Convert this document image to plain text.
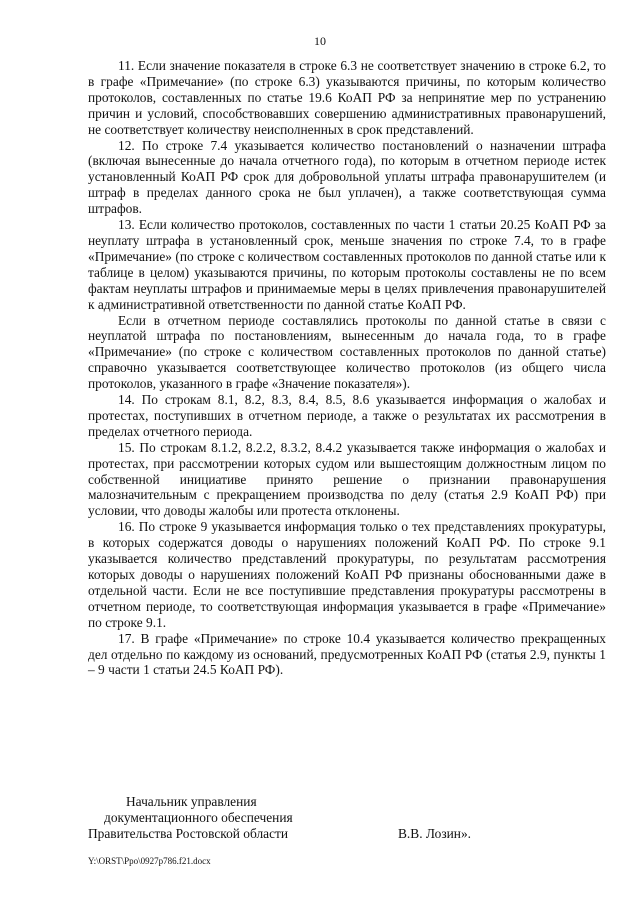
10

11. Если значение показателя в строке 6.3 не соответствует значению в строке 6.2, то в графе «Примечание» (по строке 6.3) указываются причины, по которым количество протоколов, составленных по статье 19.6 КоАП РФ за непринятие мер по устранению причин и условий, способствовавших совершению административных правонарушений, не соответствует количеству неисполненных в срок представлений.

12. По строке 7.4 указывается количество постановлений о назначении штрафа (включая вынесенные до начала отчетного года), по которым в отчетном периоде истек установленный КоАП РФ срок для добровольной уплаты штрафа правонарушителем (и штраф в пределах данного срока не был уплачен), а также соответствующая сумма штрафов.

13. Если количество протоколов, составленных по части 1 статьи 20.25 КоАП РФ за неуплату штрафа в установленный срок, меньше значения по строке 7.4, то в графе «Примечание» (по строке с количеством составленных протоколов по данной статье или к таблице в целом) указываются причины, по которым протоколы составлены не по всем фактам неуплаты штрафов и принимаемые меры в целях привлечения правонарушителей к административной ответственности по данной статье КоАП РФ.

Если в отчетном периоде составлялись протоколы по данной статье в связи с неуплатой штрафа по постановлениям, вынесенным до начала года, то в графе «Примечание» (по строке с количеством составленных протоколов по данной статье) справочно указывается соответствующее количество протоколов (из общего числа протоколов, указанного в графе «Значение показателя»).

14. По строкам 8.1, 8.2, 8.3, 8.4, 8.5, 8.6 указывается информация о жалобах и протестах, поступивших в отчетном периоде, а также о результатах их рассмотрения в пределах отчетного периода.

15. По строкам 8.1.2, 8.2.2, 8.3.2, 8.4.2 указывается также информация о жалобах и протестах, при рассмотрении которых судом или вышестоящим должностным лицом по собственной инициативе принято решение о признании правонарушения малозначительным с прекращением производства по делу (статья 2.9 КоАП РФ) при условии, что доводы жалобы или протеста отклонены.

16. По строке 9 указывается информация только о тех представлениях прокуратуры, в которых содержатся доводы о нарушениях положений КоАП РФ. По строке 9.1 указывается количество представлений прокуратуры, по результатам рассмотрения которых доводы о нарушениях положений КоАП РФ признаны обоснованными даже в отдельной части. Если не все поступившие представления прокуратуры рассмотрены в отчетном периоде, то соответствующая информация указывается в графе «Примечание» по строке 9.1.

17. В графе «Примечание» по строке 10.4 указывается количество прекращенных дел отдельно по каждому из оснований, предусмотренных КоАП РФ (статья 2.9, пункты 1 – 9 части 1 статьи 24.5 КоАП РФ).

Начальник управления
документационного обеспечения
Правительства Ростовской области	В.В. Лозин».
Y:\ORST\Ppo\0927p786.f21.docx
